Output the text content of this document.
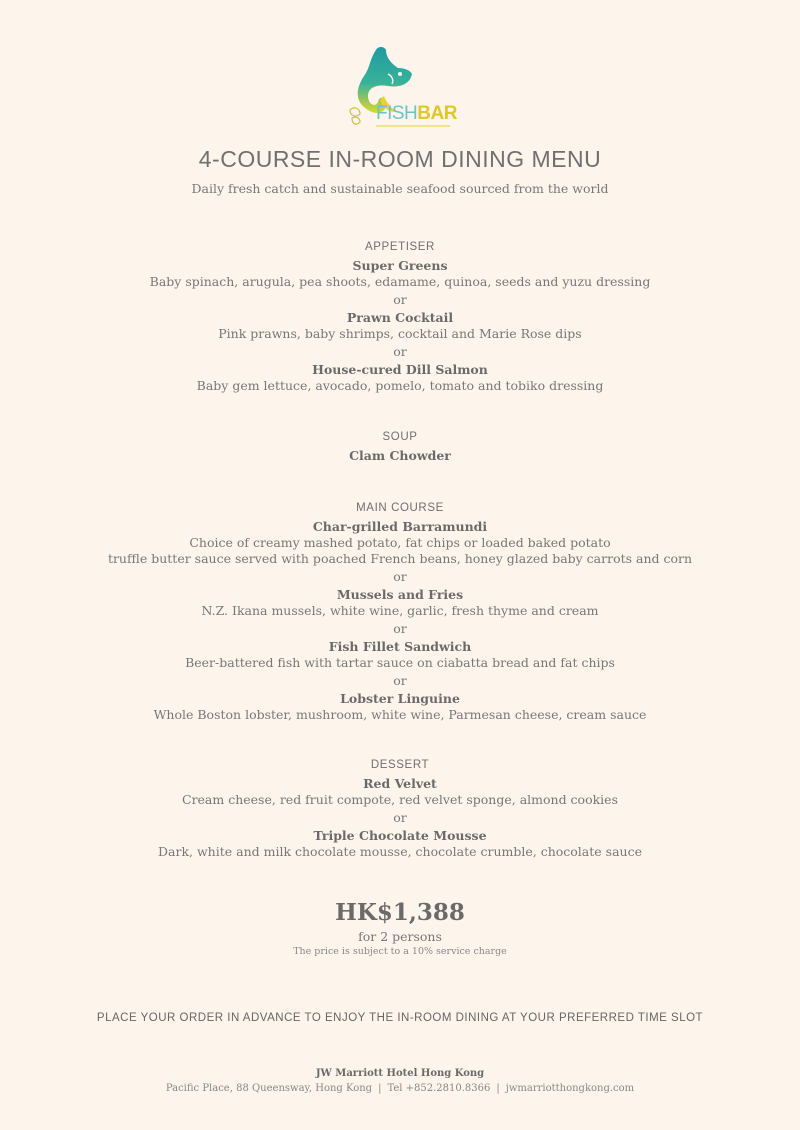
FISHBAR
4-COURSE IN-ROOM DINING MENU
Daily fresh catch and sustainable seafood sourced from the world
APPETISER
Super Greens
Baby spinach, arugula, pea shoots, edamame, quinoa, seeds and yuzu dressing
or
Prawn Cocktail
Pink prawns, baby shrimps, cocktail and Marie Rose dips
or
House-cured Dill Salmon
Baby gem lettuce, avocado, pomelo, tomato and tobiko dressing
SOUP
Clam Chowder
MAIN COURSE
Char-grilled Barramundi
Choice of creamy mashed potato, fat chips or loaded baked potato
truffle butter sauce served with poached French beans, honey glazed baby carrots and corn
or
Mussels and Fries
N.Z. Ikana mussels, white wine, garlic, fresh thyme and cream
or
Fish Fillet Sandwich
Beer-battered fish with tartar sauce on ciabatta bread and fat chips
or
Lobster Linguine
Whole Boston lobster, mushroom, white wine, Parmesan cheese, cream sauce
DESSERT
Red Velvet
Cream cheese, red fruit compote, red velvet sponge, almond cookies
or
Triple Chocolate Mousse
Dark, white and milk chocolate mousse, chocolate crumble, chocolate sauce
HK$1,388
for 2 persons
The price is subject to a 10% service charge
PLACE YOUR ORDER IN ADVANCE TO ENJOY THE IN-ROOM DINING AT YOUR PREFERRED TIME SLOT
JW Marriott Hotel Hong Kong
Pacific Place, 88 Queensway, Hong Kong | Tel +852.2810.8366 | jwmarriotthongkong.com
